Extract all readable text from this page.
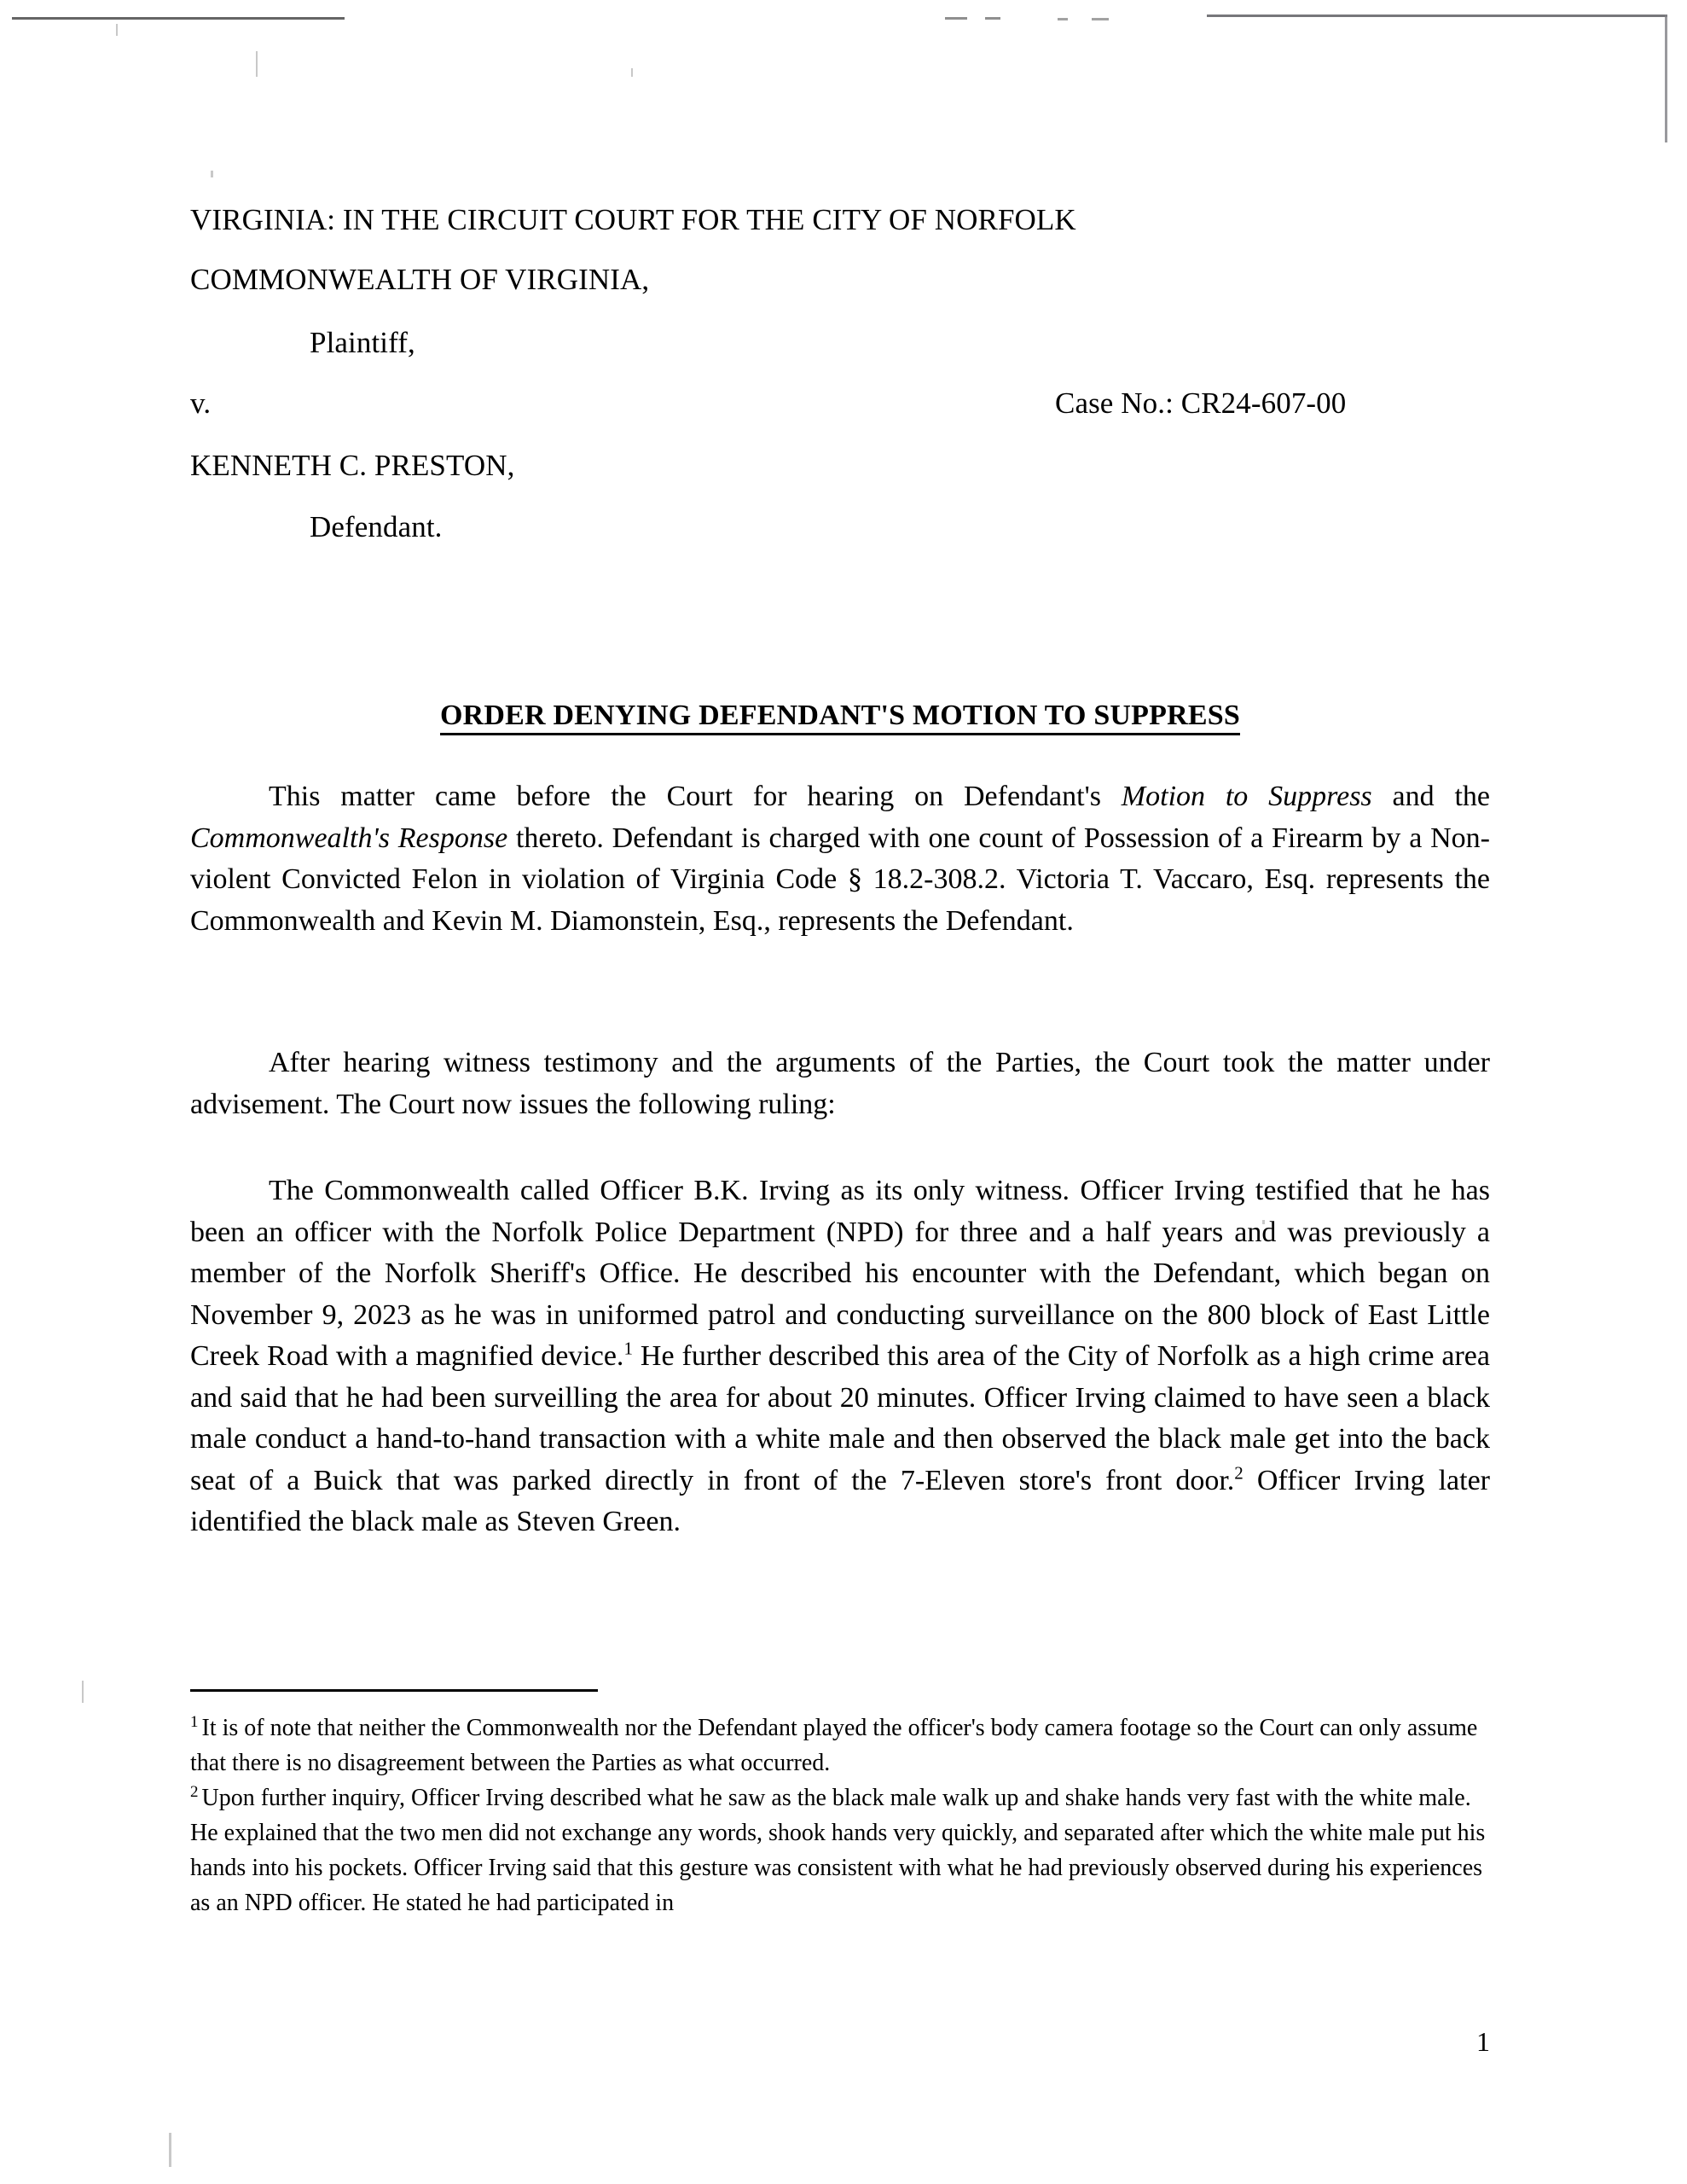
VIRGINIA: IN THE CIRCUIT COURT FOR THE CITY OF NORFOLK
COMMONWEALTH OF VIRGINIA,
Plaintiff,
v.	Case No.: CR24-607-00
KENNETH C. PRESTON,
Defendant.
ORDER DENYING DEFENDANT'S MOTION TO SUPPRESS
This matter came before the Court for hearing on Defendant's Motion to Suppress and the Commonwealth's Response thereto. Defendant is charged with one count of Possession of a Firearm by a Non-violent Convicted Felon in violation of Virginia Code § 18.2-308.2. Victoria T. Vaccaro, Esq. represents the Commonwealth and Kevin M. Diamonstein, Esq., represents the Defendant.
After hearing witness testimony and the arguments of the Parties, the Court took the matter under advisement. The Court now issues the following ruling:
The Commonwealth called Officer B.K. Irving as its only witness. Officer Irving testified that he has been an officer with the Norfolk Police Department (NPD) for three and a half years and was previously a member of the Norfolk Sheriff's Office. He described his encounter with the Defendant, which began on November 9, 2023 as he was in uniformed patrol and conducting surveillance on the 800 block of East Little Creek Road with a magnified device.$^1$ He further described this area of the City of Norfolk as a high crime area and said that he had been surveilling the area for about 20 minutes. Officer Irving claimed to have seen a black male conduct a hand-to-hand transaction with a white male and then observed the black male get into the back seat of a Buick that was parked directly in front of the 7-Eleven store's front door.$^2$ Officer Irving later identified the black male as Steven Green.

$^1$ It is of note that neither the Commonwealth nor the Defendant played the officer's body camera footage so the Court can only assume that there is no disagreement between the Parties as what occurred.

$^2$ Upon further inquiry, Officer Irving described what he saw as the black male walk up and shake hands very fast with the white male. He explained that the two men did not exchange any words, shook hands very quickly, and separated after which the white male put his hands into his pockets. Officer Irving said that this gesture was consistent with what he had previously observed during his experiences as an NPD officer. He stated he had participated in

1
